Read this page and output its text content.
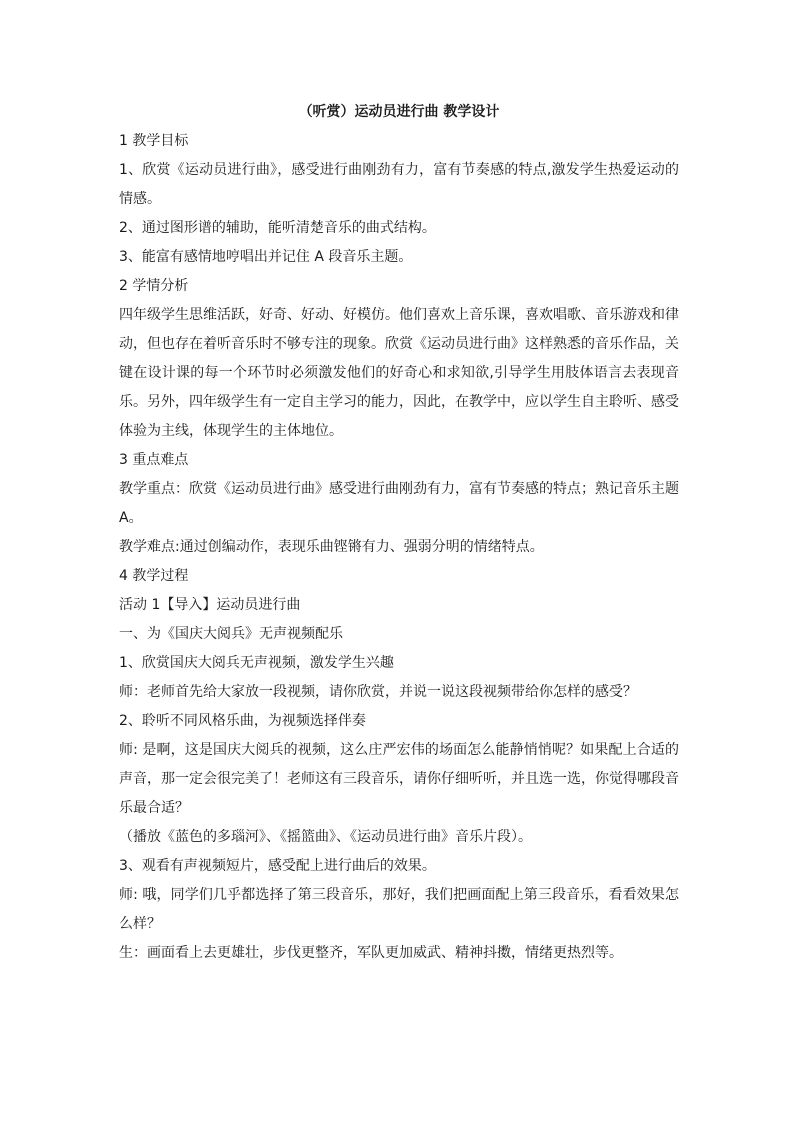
（听赏）运动员进行曲 教学设计
1 教学目标
1、欣赏《运动员进行曲》，感受进行曲刚劲有力，富有节奏感的特点,激发学生热爱运动的情感。
2、通过图形谱的辅助，能听清楚音乐的曲式结构。
3、能富有感情地哼唱出并记住 A 段音乐主题。
2 学情分析
四年级学生思维活跃，好奇、好动、好模仿。他们喜欢上音乐课，喜欢唱歌、音乐游戏和律动，但也存在着听音乐时不够专注的现象。欣赏《运动员进行曲》这样熟悉的音乐作品，关键在设计课的每一个环节时必须激发他们的好奇心和求知欲,引导学生用肢体语言去表现音乐。另外，四年级学生有一定自主学习的能力，因此，在教学中，应以学生自主聆听、感受体验为主线，体现学生的主体地位。
3 重点难点
教学重点：欣赏《运动员进行曲》感受进行曲刚劲有力，富有节奏感的特点；熟记音乐主题 A。
教学难点:通过创编动作，表现乐曲铿锵有力、强弱分明的情绪特点。
4 教学过程
活动 1【导入】运动员进行曲
一、为《国庆大阅兵》无声视频配乐
1、欣赏国庆大阅兵无声视频，激发学生兴趣
师：老师首先给大家放一段视频，请你欣赏，并说一说这段视频带给你怎样的感受？
2、聆听不同风格乐曲，为视频选择伴奏
师: 是啊，这是国庆大阅兵的视频，这么庄严宏伟的场面怎么能静悄悄呢？如果配上合适的声音，那一定会很完美了！老师这有三段音乐，请你仔细听听，并且选一选，你觉得哪段音乐最合适？
（播放《蓝色的多瑙河》、《摇篮曲》、《运动员进行曲》音乐片段）。
3、观看有声视频短片，感受配上进行曲后的效果。
师: 哦，同学们几乎都选择了第三段音乐，那好，我们把画面配上第三段音乐，看看效果怎么样？
生：画面看上去更雄壮，步伐更整齐，军队更加威武、精神抖擞，情绪更热烈等。
